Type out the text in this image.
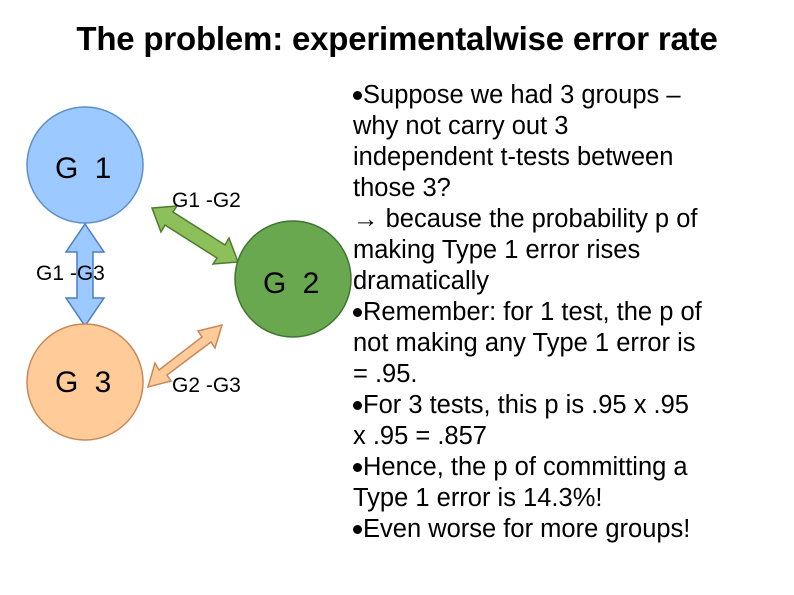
The problem: experimentalwise error rate
G 1
G 2
G 3
G1 -G2
G1 -G3
G2 -G3
Suppose we had 3 groups –
why not carry out 3
independent t-tests between
those 3?
→ because the probability p of
making Type 1 error rises
dramatically
Remember: for 1 test, the p of
not making any Type 1 error is
= .95.
For 3 tests, this p is .95 x .95
x .95 = .857
Hence, the p of committing a
Type 1 error is 14.3%!
Even worse for more groups!
